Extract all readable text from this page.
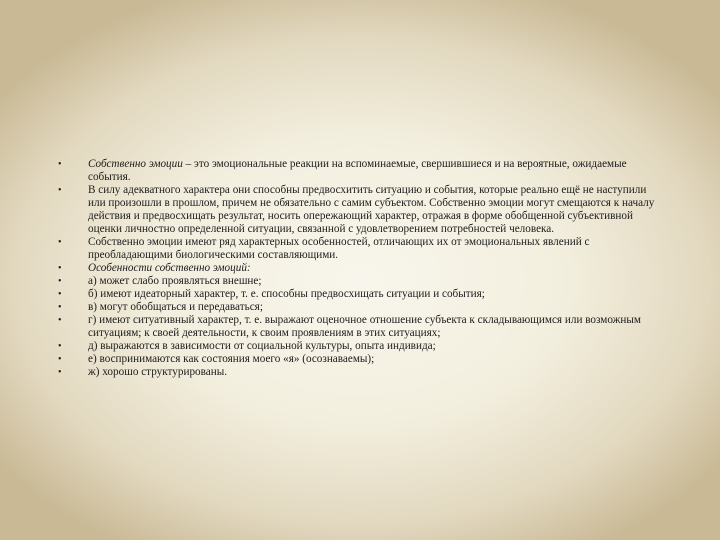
• Собственно эмоции – это эмоциональные реакции на вспоминаемые, свершившиеся и на вероятные, ожидаемые события.
• В силу адекватного характера они способны предвосхитить ситуацию и события, которые реально ещё не наступили или произошли в прошлом, причем не обязательно с самим субъектом. Собственно эмоции могут смещаются к началу действия и предвосхищать результат, носить опережающий характер, отражая в форме обобщенной субъективной оценки личностно определенной ситуации, связанной с удовлетворением потребностей человека.
• Собственно эмоции имеют ряд характерных особенностей, отличающих их от эмоциональных явлений с преобладающими биологическими составляющими.
• Особенности собственно эмоций:
• а) может слабо проявляться внешне;
• б) имеют идеаторный характер, т. е. способны предвосхищать ситуации и события;
• в) могут обобщаться и передаваться;
• г) имеют ситуативный характер, т. е. выражают оценочное отношение субъекта к складывающимся или возможным ситуациям; к своей деятельности, к своим проявлениям в этих ситуациях;
• д) выражаются в зависимости от социальной культуры, опыта индивида;
• е) воспринимаются как состояния моего «я» (осознаваемы);
• ж) хорошо структурированы.
